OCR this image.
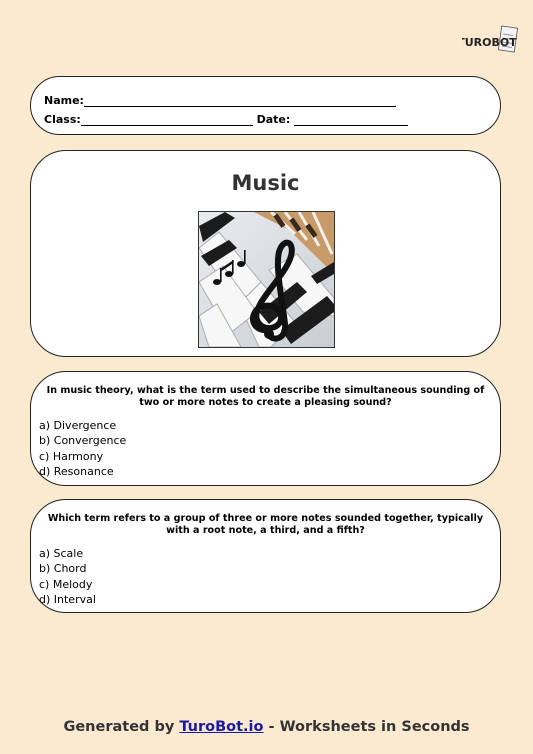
TUROBOT
Name:
Class:	Date:
Music
In music theory, what is the term used to describe the simultaneous sounding of two or more notes to create a pleasing sound?
a) Divergence
b) Convergence
c) Harmony
d) Resonance
Which term refers to a group of three or more notes sounded together, typically with a root note, a third, and a fifth?
a) Scale
b) Chord
c) Melody
d) Interval
Generated by TuroBot.io - Worksheets in Seconds
